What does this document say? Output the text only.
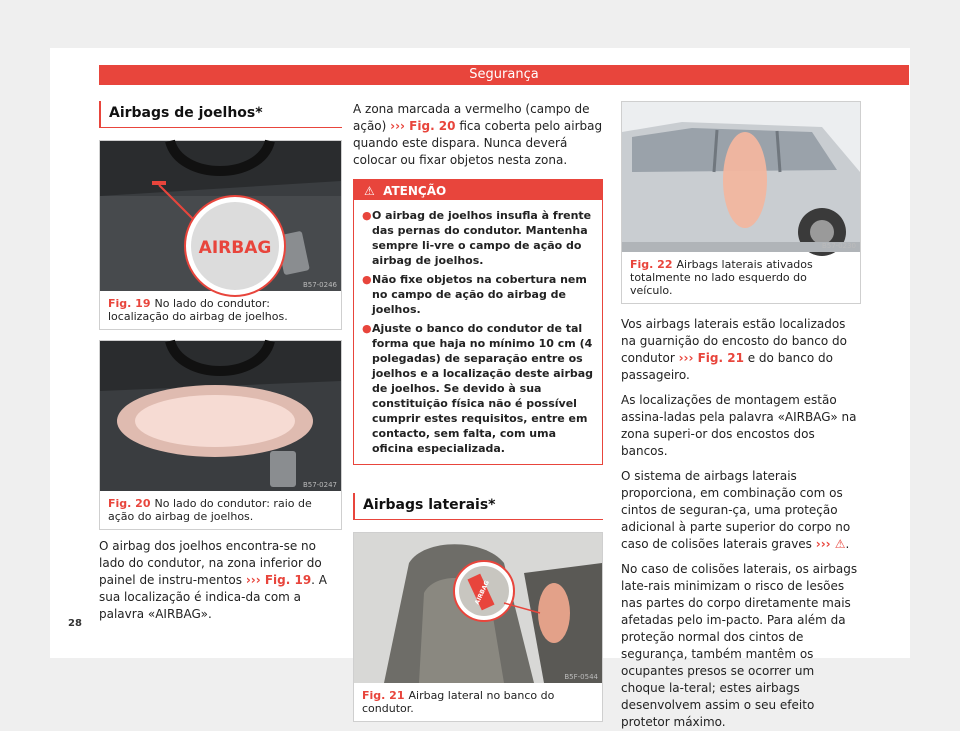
Segurança
Airbags de joelhos*
AIRBAG
B57-0246
Fig. 19 No lado do condutor: localização do airbag de joelhos.
B57-0247
Fig. 20 No lado do condutor: raio de ação do airbag de joelhos.

O airbag dos joelhos encontra-se no lado do condutor, na zona inferior do painel de instru-mentos ››› Fig. 19. A sua localização é indica-da com a palavra «AIRBAG».

A zona marcada a vermelho (campo de ação) ››› Fig. 20 fica coberta pelo airbag quando este dispara. Nunca deverá colocar ou fixar objetos nesta zona.

⚠ ATENÇÃO
● O airbag de joelhos insufla à frente das pernas do condutor. Mantenha sempre li-vre o campo de ação do airbag de joelhos.
● Não fixe objetos na cobertura nem no campo de ação do airbag de joelhos.
● Ajuste o banco do condutor de tal forma que haja no mínimo 10 cm (4 polegadas) de separação entre os joelhos e a localização deste airbag de joelhos. Se devido à sua constituição física não é possível cumprir estes requisitos, entre em contacto, sem falta, com uma oficina especializada.
Airbags laterais*
AIRBAG
B5F-0544
Fig. 21 Airbag lateral no banco do condutor.
B57-0230
Fig. 22 Airbags laterais ativados totalmente no lado esquerdo do veículo.

Vos airbags laterais estão localizados na guarnição do encosto do banco do condutor ››› Fig. 21 e do banco do passageiro.

As localizações de montagem estão assina-ladas pela palavra «AIRBAG» na zona superi-or dos encostos dos bancos.

O sistema de airbags laterais proporciona, em combinação com os cintos de seguran-ça, uma proteção adicional à parte superior do corpo no caso de colisões laterais graves ››› ⚠.

No caso de colisões laterais, os airbags late-rais minimizam o risco de lesões nas partes do corpo diretamente mais afetadas pelo im-pacto. Para além da proteção normal dos cintos de segurança, também mantêm os ocupantes presos se ocorrer um choque la-teral; estes airbags desenvolvem assim o seu efeito protetor máximo.

28
